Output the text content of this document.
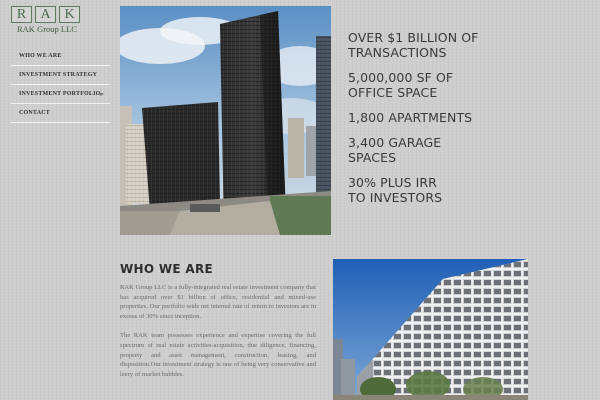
R	A K
RAK Group LLC
WHO WE ARE
INVESTMENT STRATEGY
INVESTMENT PORTFOLIO
CONTACT
OVER $1 BILLION OF
TRANSACTIONS
5,000,000 SF OF
OFFICE SPACE
1,800 APARTMENTS
3,400 GARAGE
SPACES
30% PLUS IRR
TO INVESTORS
WHO WE ARE

RAK Group LLC is a fully-integrated real estate investment company that has acquired over $1 billion of office, residential and mixed-use properties. Our portfolio wide net internal rate of return to investors are in excess of 30% since inception.

The RAK team possesses experience and expertise covering the full spectrum of real estate activities-acquisition, due diligence, financing, property and asset management, construction, leasing, and disposition.Our investment strategy is one of being very conservative and leery of market bubbles.
